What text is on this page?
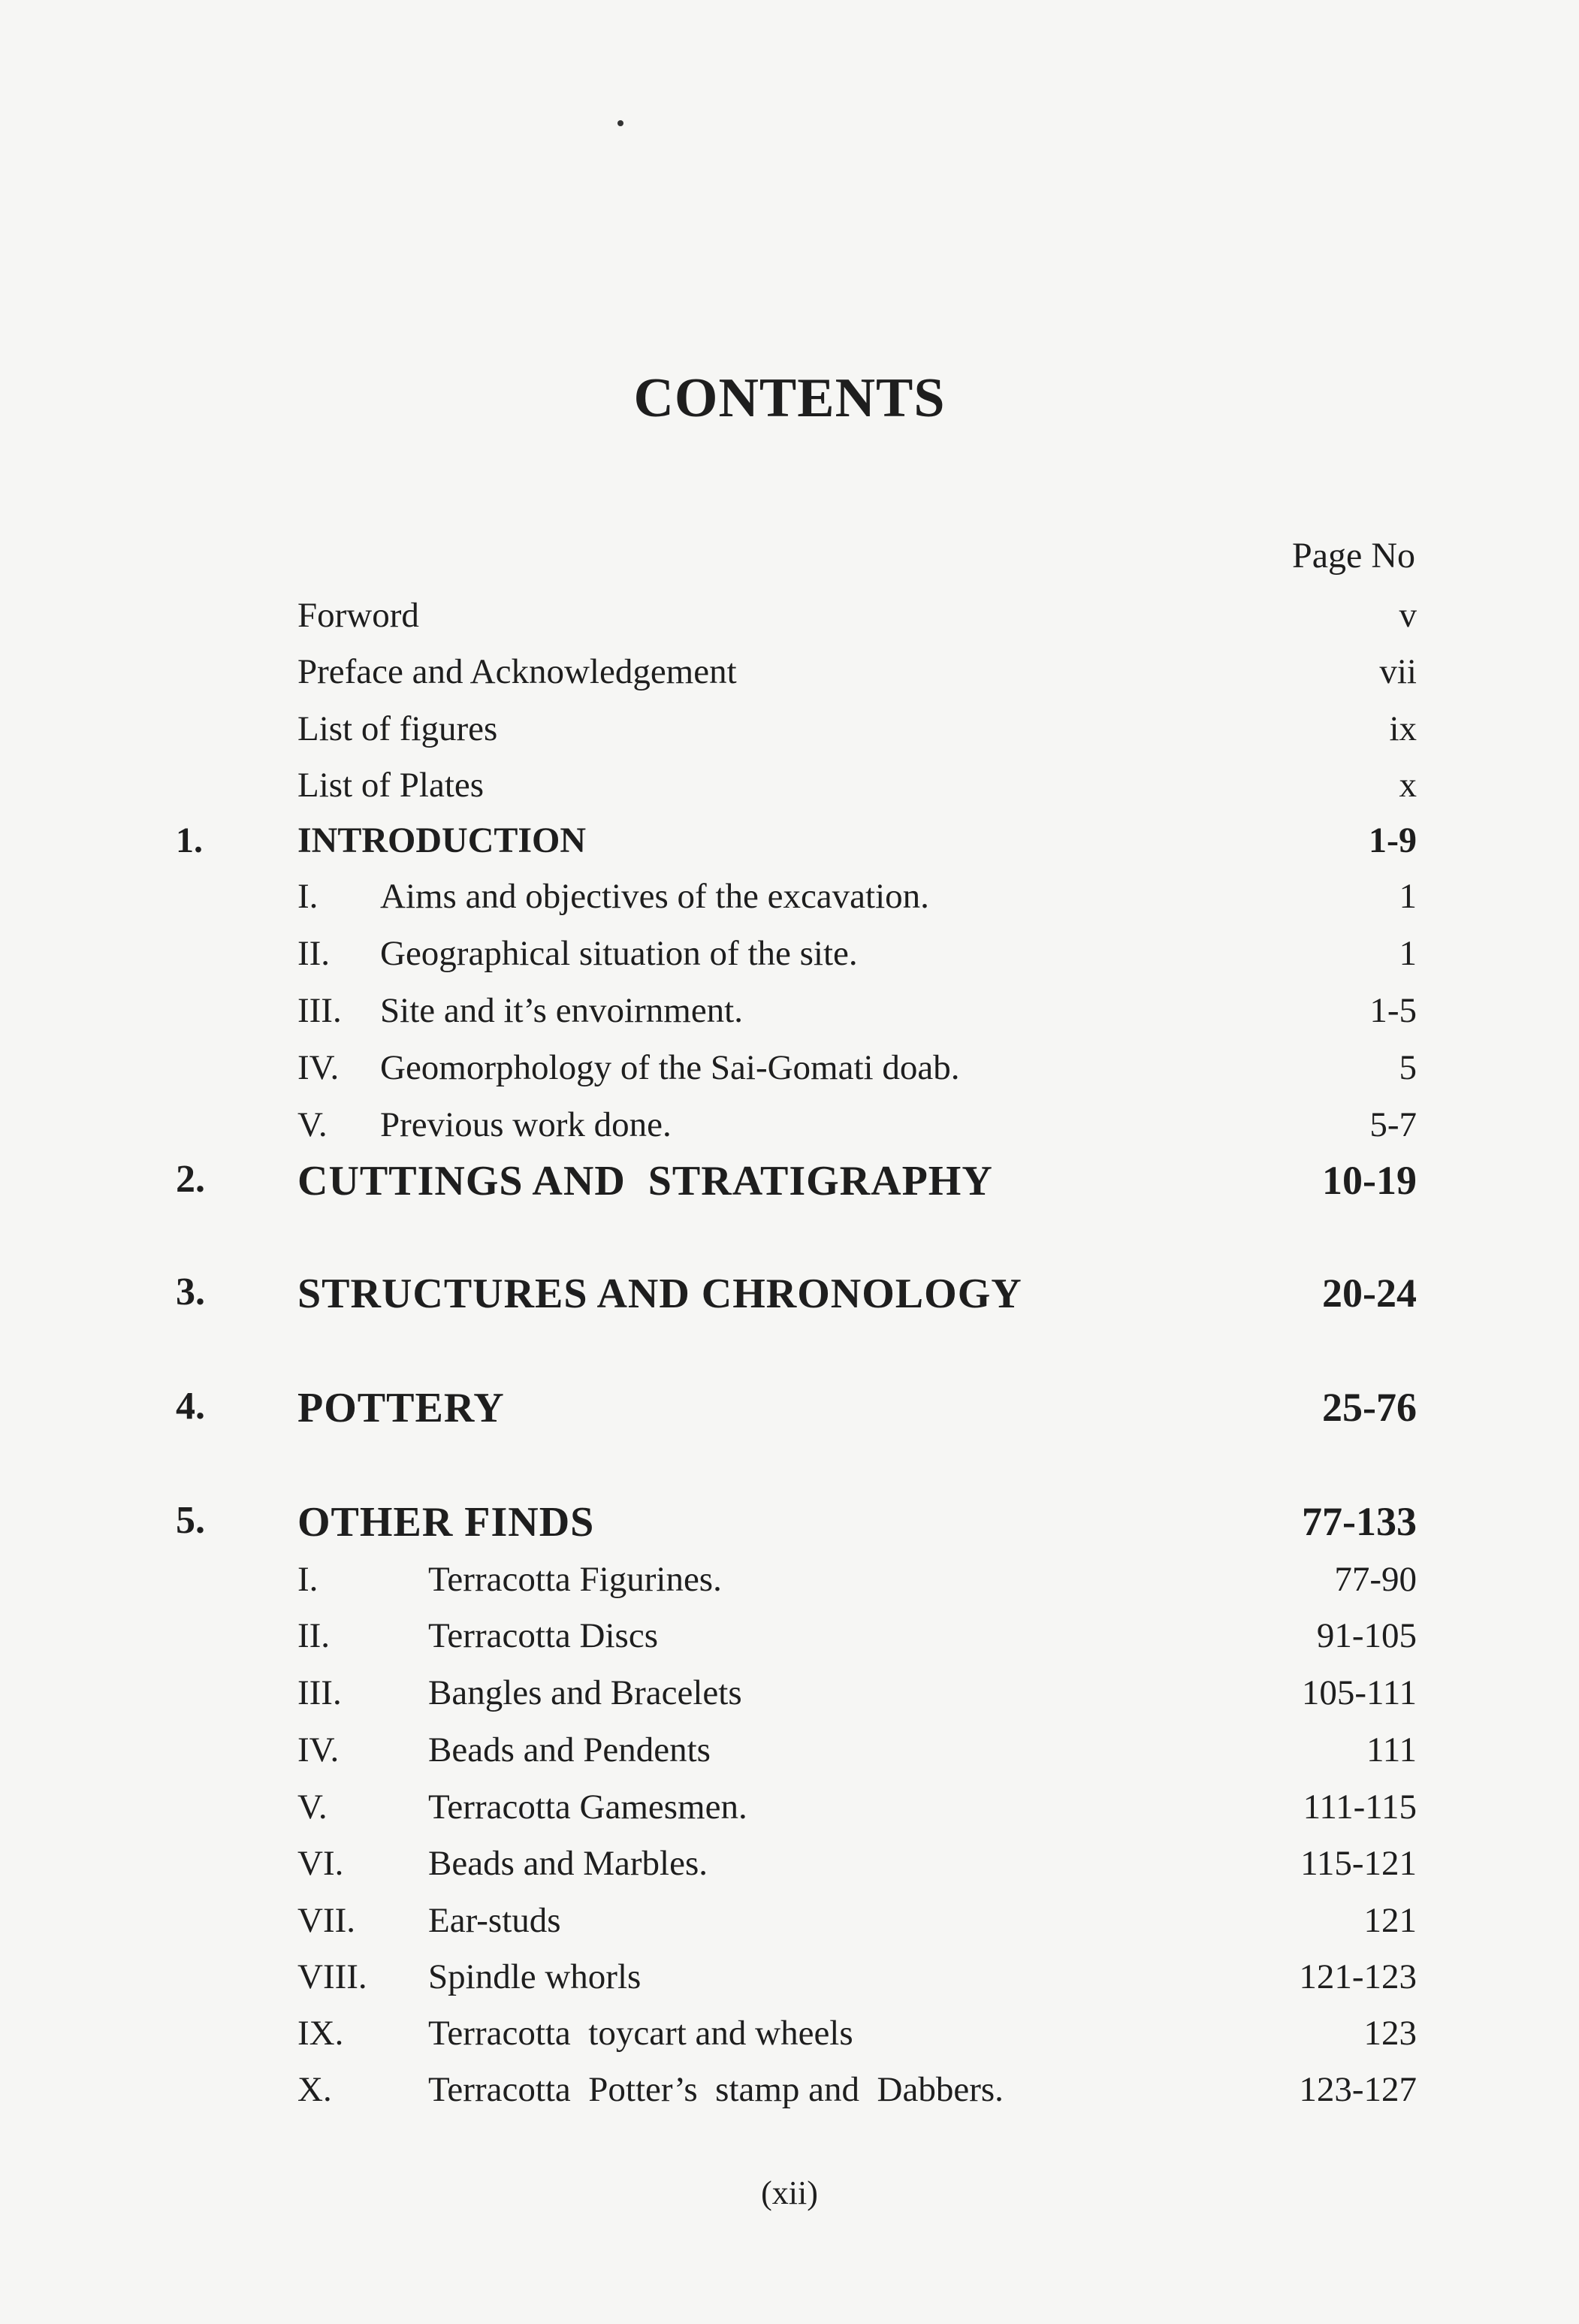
CONTENTS
Page No
Forword	v
Preface and Acknowledgement	vii
List of figures	ix
List of Plates	x
1.	INTRODUCTION	1-9
I. Aims and objectives of the excavation.	1
II. Geographical situation of the site.	1
III. Site and it’s envoirnment.	1-5
IV. Geomorphology of the Sai-Gomati doab.	5
V. Previous work done.	5-7
2. CUTTINGS AND  STRATIGRAPHY	10-19
3. STRUCTURES AND CHRONOLOGY	20-24
4. POTTERY	25-76
5. OTHER FINDS	77-133
I.	Terracotta Figurines.	77-90
II.	Terracotta Discs	91-105
III. Bangles and Bracelets	105-111
IV.	Beads and Pendents	111
V.	Terracotta Gamesmen.	111-115
VI. Beads and Marbles.	115-121
VII. Ear-studs	121
VIII. Spindle whorls	121-123
IX. Terracotta  toycart and wheels	123
X.	Terracotta  Potter’s  stamp and  Dabbers.	123-127
(xii)
